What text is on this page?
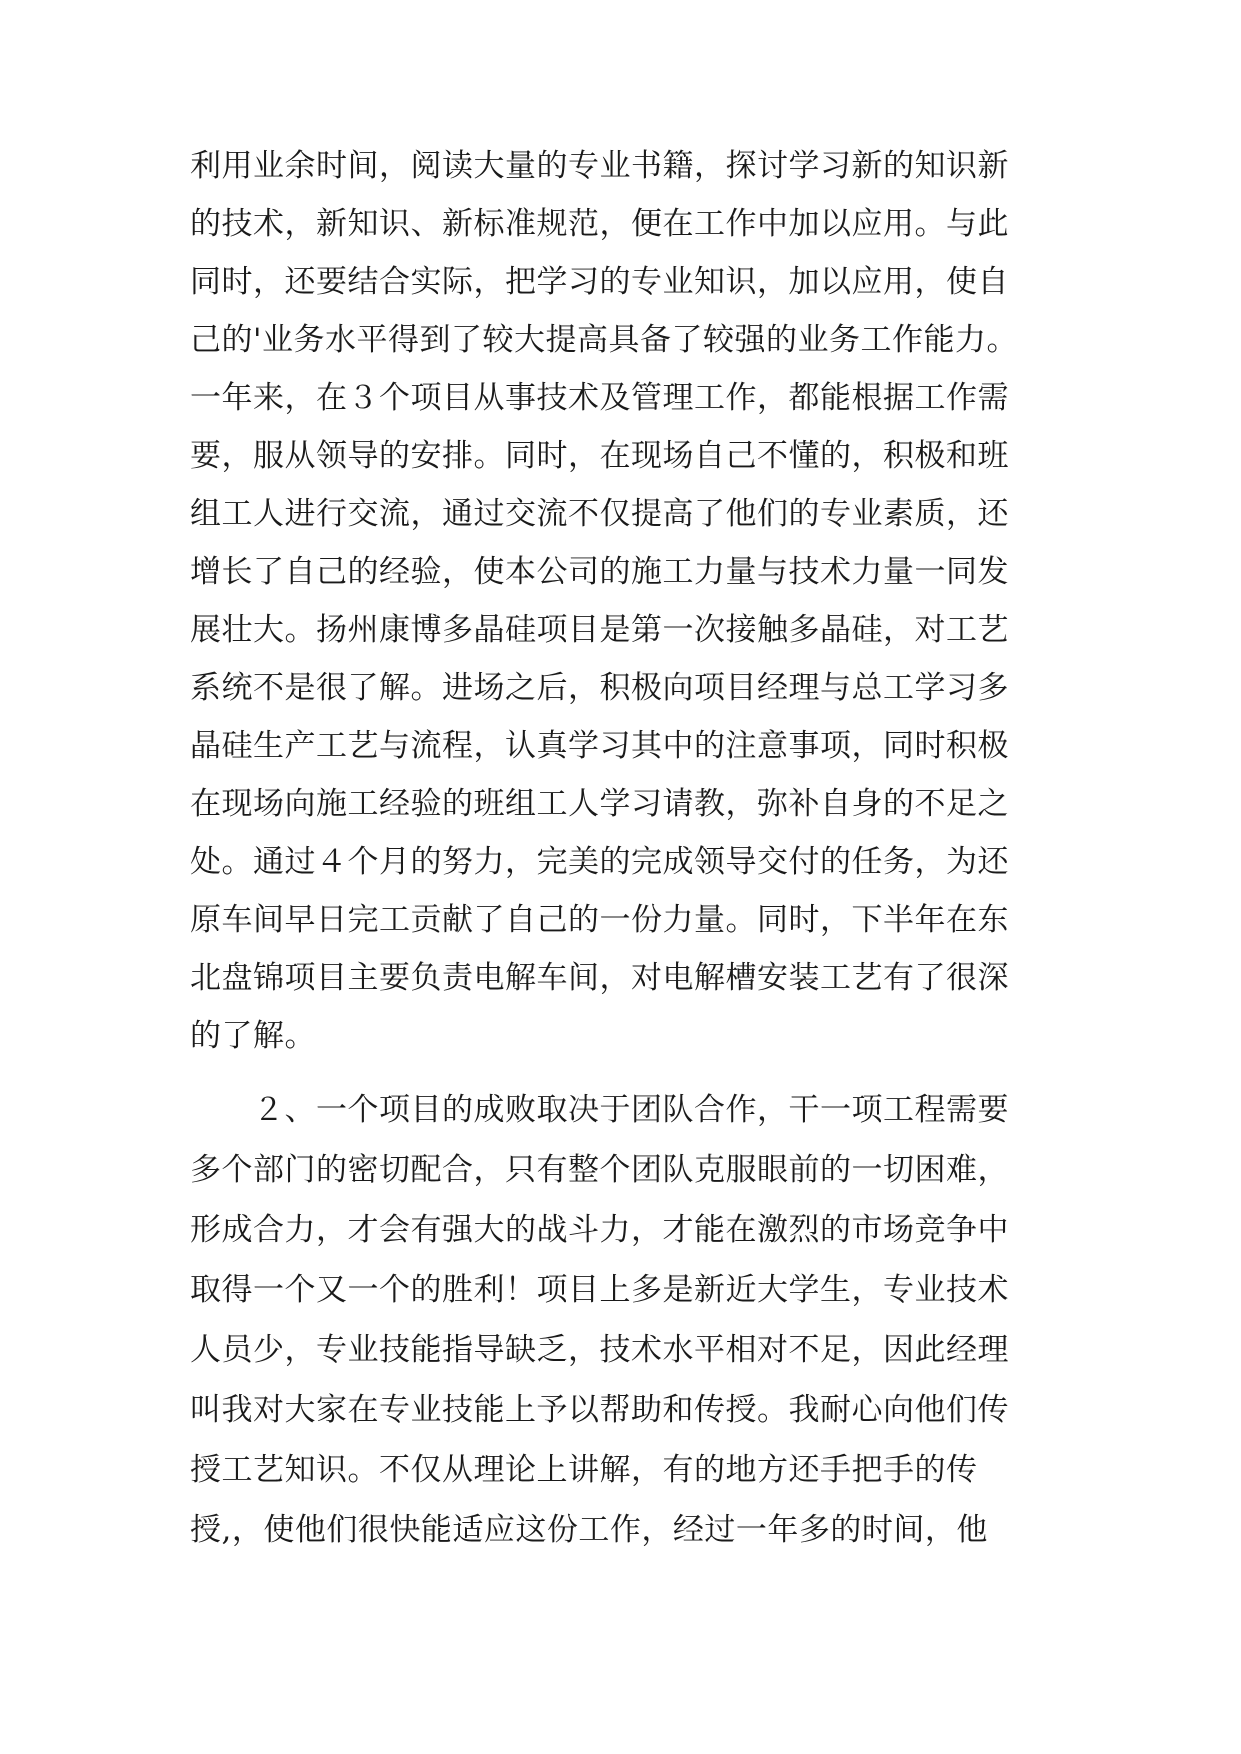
利用业余时间，阅读大量的专业书籍，探讨学习新的知识新
的技术，新知识、新标准规范，便在工作中加以应用。与此
同时，还要结合实际，把学习的专业知识，加以应用，使自
己的'业务水平得到了较大提高具备了较强的业务工作能力。
一年来，在３个项目从事技术及管理工作，都能根据工作需
要，服从领导的安排。同时，在现场自己不懂的，积极和班
组工人进行交流，通过交流不仅提高了他们的专业素质，还
增长了自己的经验，使本公司的施工力量与技术力量一同发
展壮大。扬州康博多晶硅项目是第一次接触多晶硅，对工艺
系统不是很了解。进场之后，积极向项目经理与总工学习多
晶硅生产工艺与流程，认真学习其中的注意事项，同时积极
在现场向施工经验的班组工人学习请教，弥补自身的不足之
处。通过４个月的努力，完美的完成领导交付的任务，为还
原车间早日完工贡献了自己的一份力量。同时，下半年在东
北盘锦项目主要负责电解车间，对电解槽安装工艺有了很深
的了解。
　　２、一个项目的成败取决于团队合作，干一项工程需要
多个部门的密切配合，只有整个团队克服眼前的一切困难，
形成合力，才会有强大的战斗力，才能在激烈的市场竞争中
取得一个又一个的胜利！项目上多是新近大学生，专业技术
人员少，专业技能指导缺乏，技术水平相对不足，因此经理
叫我对大家在专业技能上予以帮助和传授。我耐心向他们传
授工艺知识。不仅从理论上讲解，有的地方还手把手的传
授,，使他们很快能适应这份工作，经过一年多的时间，他
